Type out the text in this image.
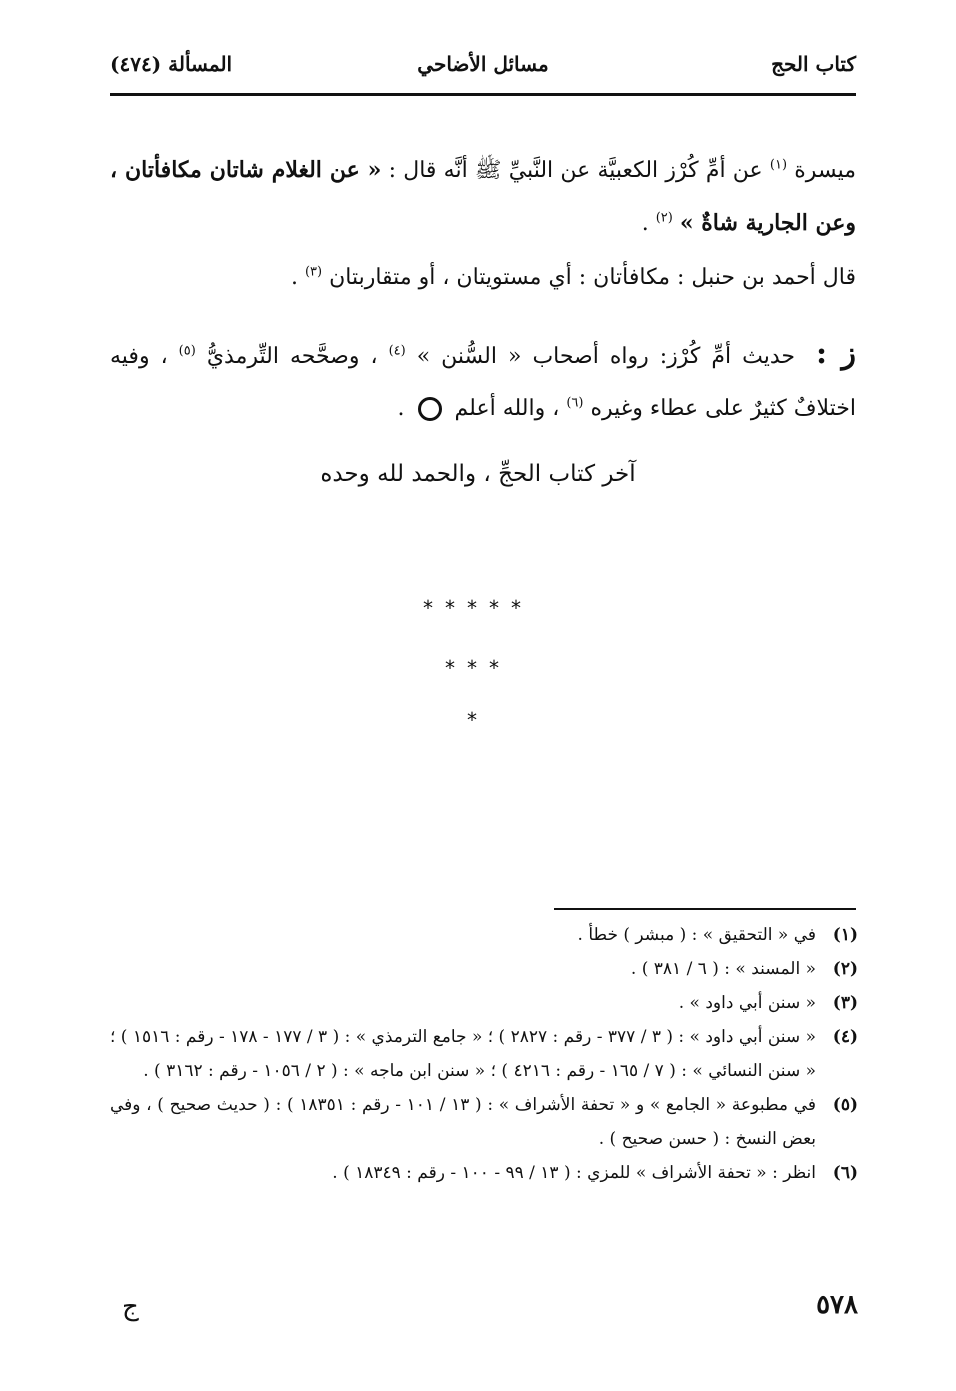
كتاب الحج
مسائل الأضاحي
المسألة (٤٧٤)
ميسرة $^{(١)}$ عن أمِّ كُرْز الكعبيَّة عن النَّبيِّ ﷺ أنَّه قال : « عن الغلام شاتان مكافأتان ، وعن الجارية شاةٌ » $^{(٢)}$ .
قال أحمد بن حنبل : مكافأتان : أي مستويتان ، أو متقاربتان $^{(٣)}$ .
ز : حديث أمِّ كُرْز: رواه أصحاب « السُّنن » $^{(٤)}$ ، وصحَّحه التِّرمذيُّ $^{(٥)}$ ، وفيه اختلافٌ كثيرٌ على عطاء وغيره $^{(٦)}$ ، والله أعلم  .
آخر كتاب الحجِّ ، والحمد لله وحده
*****
***
*
(١)
في « التحقيق » : ( مبشر ) خطأ .
(٢)
« المسند » : ( ٦ / ٣٨١ ) .
(٣)
« سنن أبي داود » .
(٤)
« سنن أبي داود » : ( ٣ / ٣٧٧ - رقم : ٢٨٢٧ ) ؛ « جامع الترمذي » : ( ٣ / ١٧٧ - ١٧٨ - رقم : ١٥١٦ ) ؛ « سنن النسائي » : ( ٧ / ١٦٥ - رقم : ٤٢١٦ ) ؛ « سنن ابن ماجه » : ( ٢ / ١٠٥٦ - رقم : ٣١٦٢ ) .
(٥)
في مطبوعة « الجامع » و « تحفة الأشراف » : ( ١٣ / ١٠١ - رقم : ١٨٣٥١ ) : ( حديث صحيح ) ، وفي بعض النسخ : ( حسن صحيح ) .
(٦)
انظر : « تحفة الأشراف » للمزي : ( ١٣ / ٩٩ - ١٠٠ - رقم : ١٨٣٤٩ ) .
٥٧٨
ج
